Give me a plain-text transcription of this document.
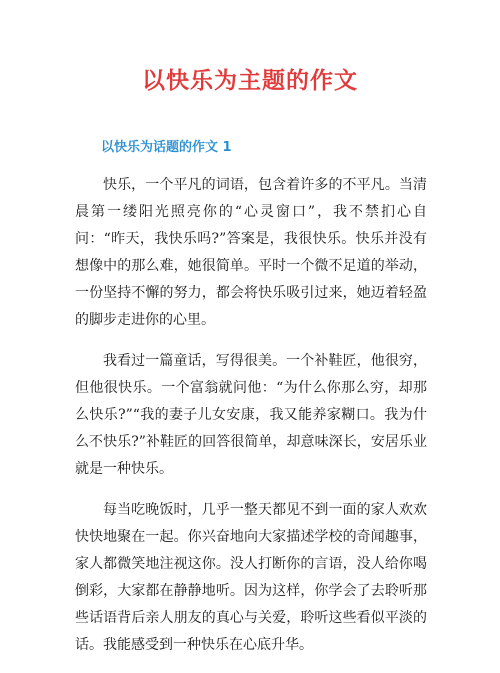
以快乐为主题的作文
以快乐为话题的作文 1

快乐，一个平凡的词语，包含着许多的不平凡。当清晨第一缕阳光照亮你的“心灵窗口”，我不禁扪心自问：“昨天，我快乐吗?”答案是，我很快乐。快乐并没有想像中的那么难，她很简单。平时一个微不足道的举动，一份坚持不懈的努力，都会将快乐吸引过来，她迈着轻盈的脚步走进你的心里。

我看过一篇童话，写得很美。一个补鞋匠，他很穷，但他很快乐。一个富翁就问他：“为什么你那么穷，却那么快乐?”“我的妻子儿女安康，我又能养家糊口。我为什么不快乐?”补鞋匠的回答很简单，却意味深长，安居乐业就是一种快乐。

每当吃晚饭时，几乎一整天都见不到一面的家人欢欢快快地聚在一起。你兴奋地向大家描述学校的奇闻趣事，家人都微笑地注视这你。没人打断你的言语，没人给你喝倒彩，大家都在静静地听。因为这样，你学会了去聆听那些话语背后亲人朋友的真心与关爱，聆听这些看似平淡的话。我能感受到一种快乐在心底升华。
